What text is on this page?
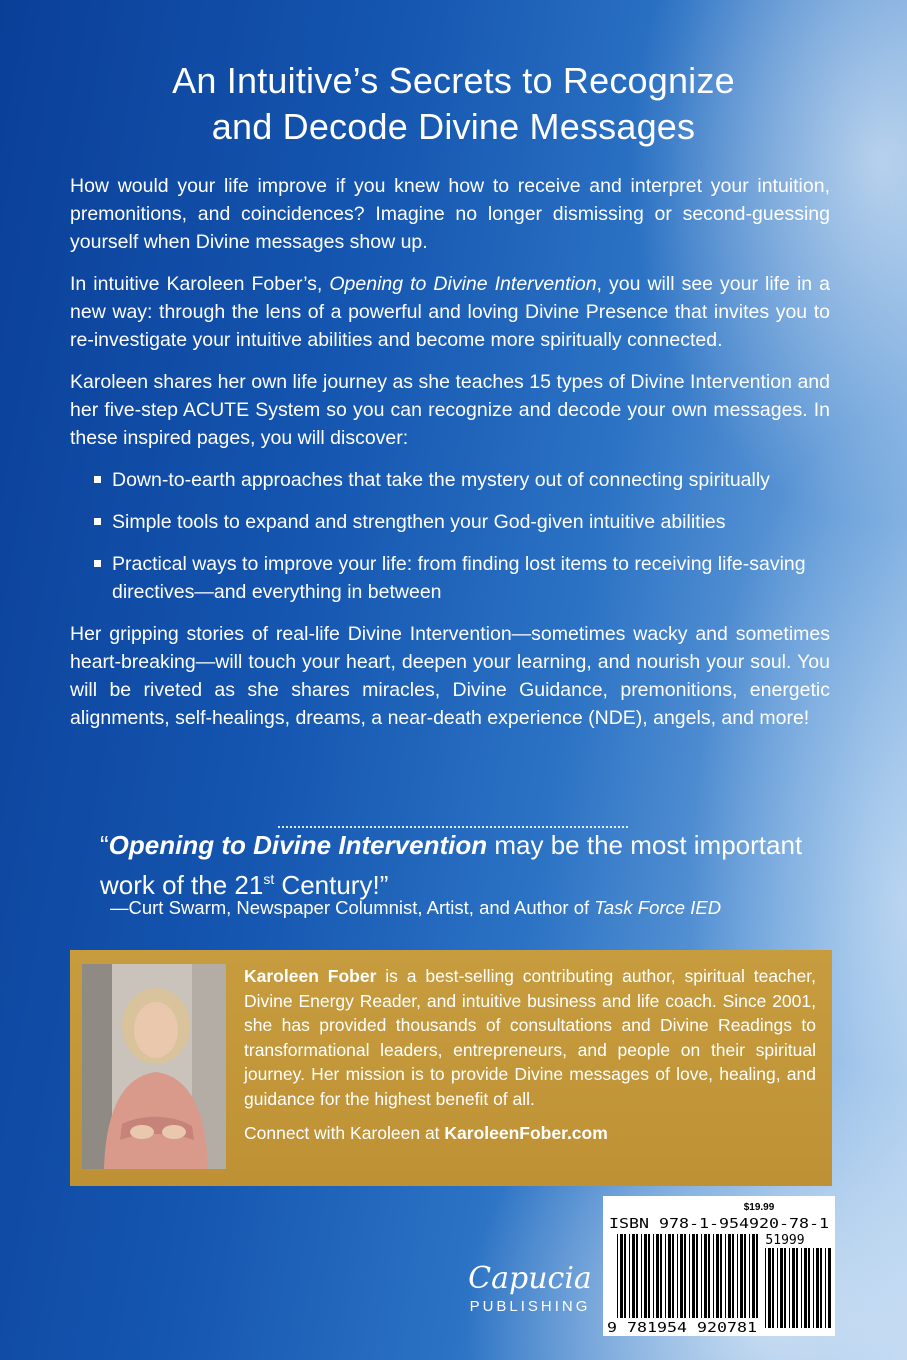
An Intuitive’s Secrets to Recognize
and Decode Divine Messages

How would your life improve if you knew how to receive and interpret your intuition, premonitions, and coincidences? Imagine no longer dismissing or second-guessing yourself when Divine messages show up.

In intuitive Karoleen Fober’s, Opening to Divine Intervention, you will see your life in a new way: through the lens of a powerful and loving Divine Presence that invites you to re-investigate your intuitive abilities and become more spiritually connected.

Karoleen shares her own life journey as she teaches 15 types of Divine Intervention and her five-step ACUTE System so you can recognize and decode your own messages. In these inspired pages, you will discover:

Down-to-earth approaches that take the mystery out of connecting spiritually
Simple tools to expand and strengthen your God-given intuitive abilities
Practical ways to improve your life: from finding lost items to receiving life-saving directives—and everything in between

Her gripping stories of real-life Divine Intervention—sometimes wacky and sometimes heart-breaking—will touch your heart, deepen your learning, and nourish your soul. You will be riveted as she shares miracles, Divine Guidance, premonitions, energetic alignments, self-healings, dreams, a near-death experience (NDE), angels, and more!

“Opening to Divine Intervention may be the most important work of the 21st Century!”
—Curt Swarm, Newspaper Columnist, Artist, and Author of Task Force IED

Karoleen Fober is a best-selling contributing author, spiritual teacher, Divine Energy Reader, and intuitive business and life coach. Since 2001, she has provided thousands of consultations and Divine Readings to transformational leaders, entrepreneurs, and people on their spiritual journey. Her mission is to provide Divine messages of love, healing, and guidance for the highest benefit of all.

Connect with Karoleen at KaroleenFober.com

Capucia
PUBLISHING
$19.99
ISBN 978-1-954920-78-1
51999
9 781954 920781
